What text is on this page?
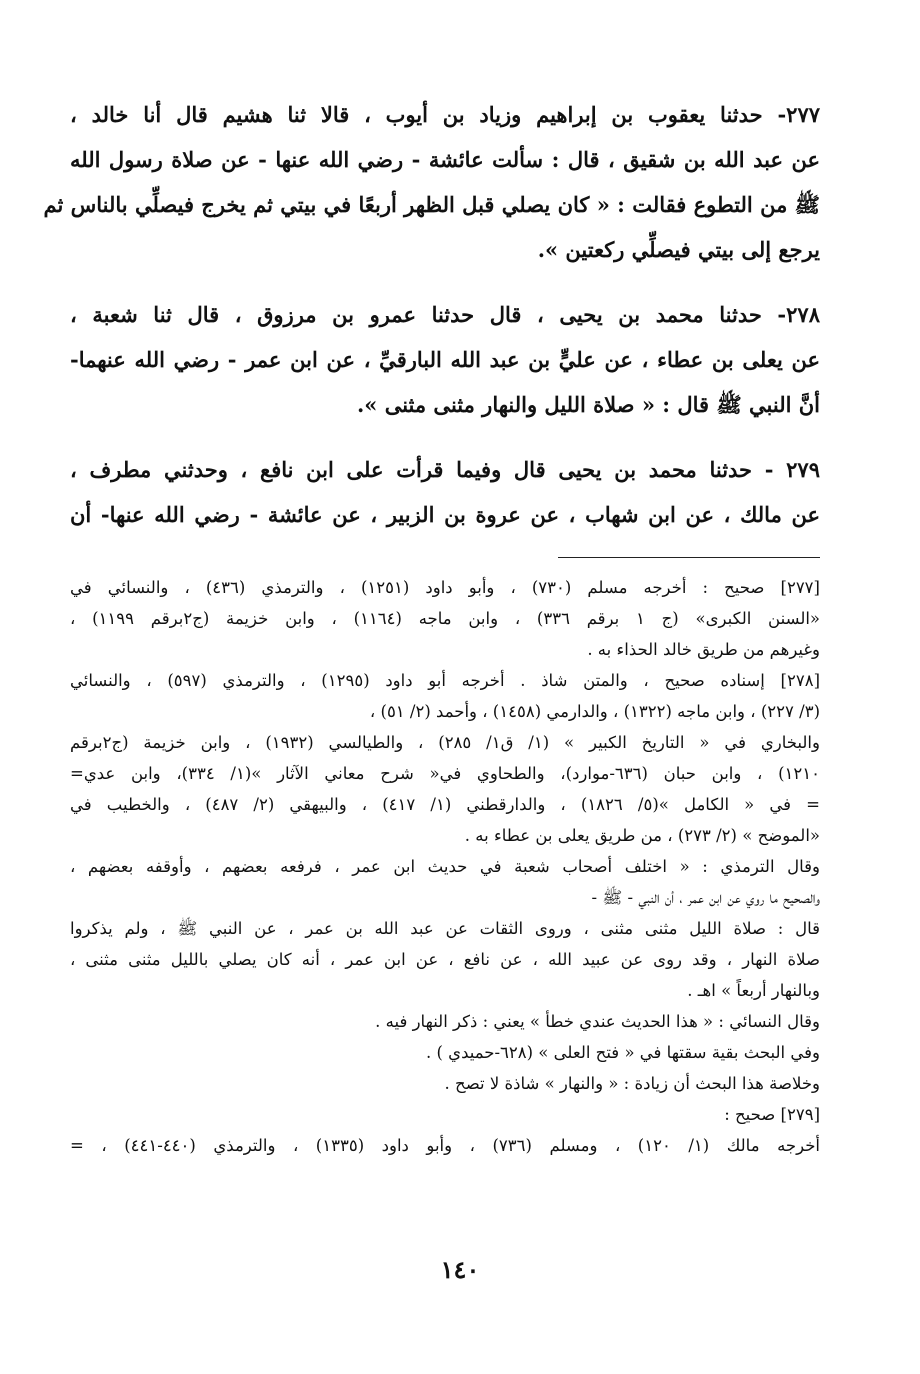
٢٧٧- حدثنا يعقوب بن إبراهيم وزياد بن أيوب ، قالا ثنا هشيم قال أنا خالد ،
عن عبد الله بن شقيق ، قال : سألت عائشة - رضي الله عنها - عن صلاة رسول الله
ﷺ من التطوع فقالت : « كان يصلي قبل الظهر أربعًا في بيتي ثم يخرج فيصلِّي بالناس ثم
يرجع إلى بيتي فيصلِّي ركعتين ».
٢٧٨- حدثنا محمد بن يحيى ، قال حدثنا عمرو بن مرزوق ، قال ثنا شعبة ،
عن يعلى بن عطاء ، عن عليٍّ بن عبد الله البارقيِّ ، عن ابن عمر - رضي الله عنهما-
أنَّ النبي ﷺ قال : « صلاة الليل والنهار مثنى مثنى ».
٢٧٩ - حدثنا محمد بن يحيى قال وفيما قرأت على ابن نافع ، وحدثني مطرف ،
عن مالك ، عن ابن شهاب ، عن عروة بن الزبير ، عن عائشة - رضي الله عنها- أن
[٢٧٧] صحيح : أخرجه مسلم (٧٣٠) ، وأبو داود (١٢٥١) ، والترمذي (٤٣٦) ، والنسائي في
«السنن الكبرى» (ج ١ برقم ٣٣٦) ، وابن ماجه (١١٦٤) ، وابن خزيمة (ج٢برقم ١١٩٩) ،
وغيرهم من طريق خالد الحذاء به .
[٢٧٨] إسناده صحيح ، والمتن شاذ . أخرجه أبو داود (١٢٩٥) ، والترمذي (٥٩٧) ، والنسائي
(٣/ ٢٢٧) ، وابن ماجه (١٣٢٢) ، والدارمي (١٤٥٨) ، وأحمد (٢/ ٥١) ،
والبخاري في « التاريخ الكبير » (١/ ق١/ ٢٨٥) ، والطيالسي (١٩٣٢) ، وابن خزيمة (ج٢برقم
١٢١٠) ، وابن حبان (٦٣٦-موارد)، والطحاوي في« شرح معاني الآثار »(١/ ٣٣٤)، وابن عدي=
= في « الكامل »(٥/ ١٨٢٦) ، والدارقطني (١/ ٤١٧) ، والبيهقي (٢/ ٤٨٧) ، والخطيب في
«الموضح » (٢/ ٢٧٣) ، من طريق يعلى بن عطاء به .
وقال الترمذي : « اختلف أصحاب شعبة في حديث ابن عمر ، فرفعه بعضهم ، وأوقفه بعضهم ،
والصحيح ما روي عن ابن عمر ، أن النبي - ﷺ -
قال : صلاة الليل مثنى مثنى ، وروى الثقات عن عبد الله بن عمر ، عن النبي ﷺ ، ولم يذكروا
صلاة النهار ، وقد روى عن عبيد الله ، عن نافع ، عن ابن عمر ، أنه كان يصلي بالليل مثنى مثنى ،
وبالنهار أربعاً » اهـ .
وقال النسائي : « هذا الحديث عندي خطأ » يعني : ذكر النهار فيه .
وفي البحث بقية سقتها في « فتح العلى » (٦٢٨-حميدي ) .
وخلاصة هذا البحث أن زيادة : « والنهار » شاذة لا تصح .
[٢٧٩] صحيح :
أخرجه مالك (١/ ١٢٠) ، ومسلم (٧٣٦) ، وأبو داود (١٣٣٥) ، والترمذي (٤٤٠-٤٤١) ، =
١٤٠
